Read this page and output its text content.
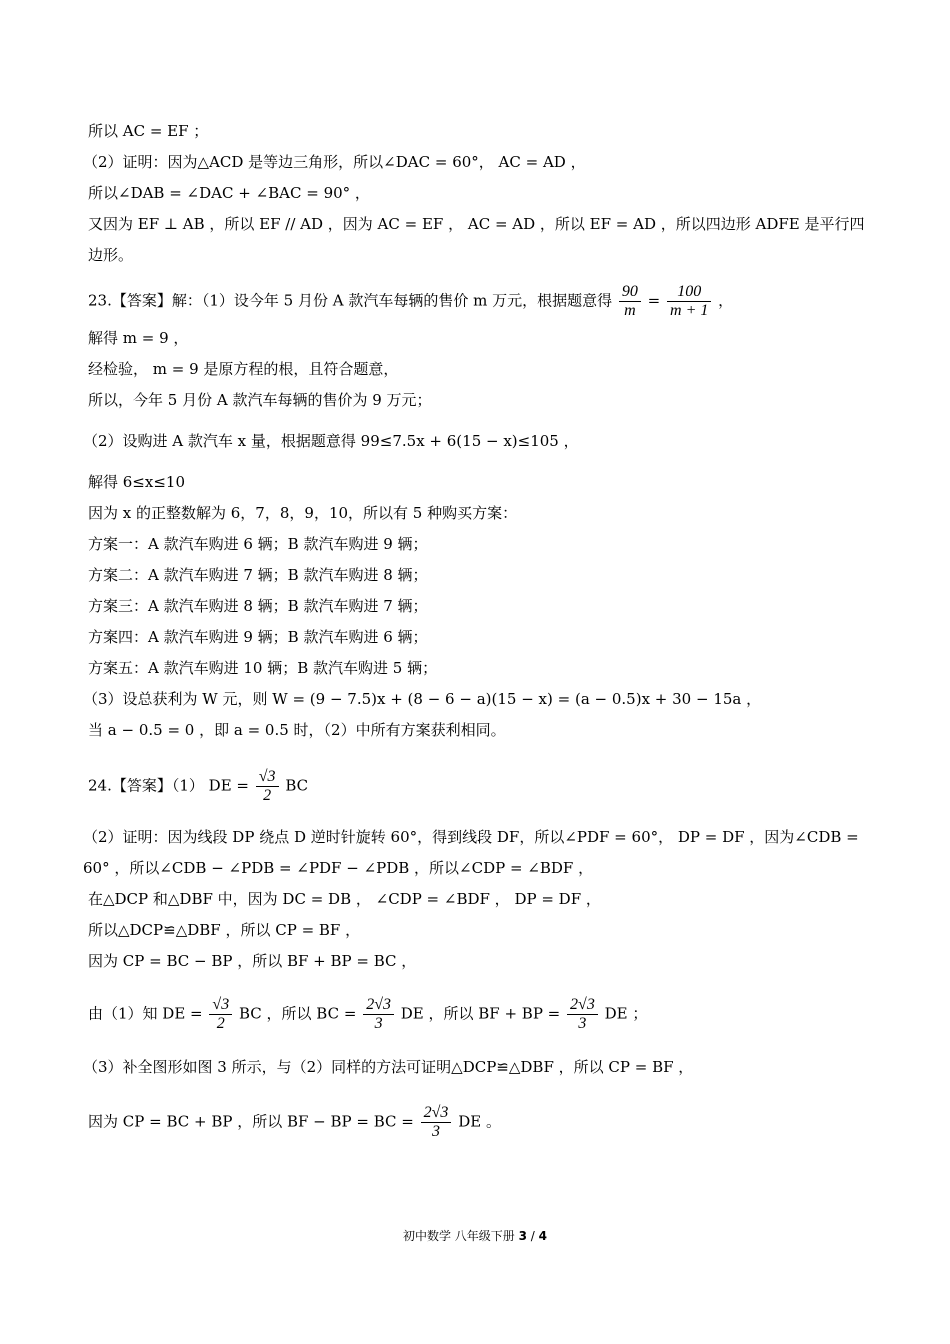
所以 AC = EF ；
（2）证明：因为△ACD 是等边三角形，所以∠DAC = 60°， AC = AD ，
所以∠DAB = ∠DAC + ∠BAC = 90° ，
又因为 EF ⊥ AB ，所以 EF // AD ，因为 AC = EF ， AC = AD ，所以 EF = AD ，所以四边形 ADFE 是平行四边形。
23.【答案】解：（1）设今年 5 月份 A 款汽车每辆的售价 m 万元，根据题意得 $\frac{90}{m} = \frac{100}{m + 1}$ ，
解得 m = 9 ，
经检验， m = 9 是原方程的根，且符合题意，
所以，今年 5 月份 A 款汽车每辆的售价为 9 万元；
（2）设购进 A 款汽车 x 量，根据题意得 99≤7.5x + 6(15 − x)≤105 ，
解得 6≤x≤10
因为 x 的正整数解为 6，7，8，9，10，所以有 5 种购买方案：
方案一：A 款汽车购进 6 辆；B 款汽车购进 9 辆；
方案二：A 款汽车购进 7 辆；B 款汽车购进 8 辆；
方案三：A 款汽车购进 8 辆；B 款汽车购进 7 辆；
方案四：A 款汽车购进 9 辆；B 款汽车购进 6 辆；
方案五：A 款汽车购进 10 辆；B 款汽车购进 5 辆；
（3）设总获利为 W 元，则 W = (9 − 7.5)x + (8 − 6 − a)(15 − x) = (a − 0.5)x + 30 − 15a ，
当 a − 0.5 = 0 ，即 a = 0.5 时，（2）中所有方案获利相同。
24.【答案】（1） DE = $\frac{√3}{2}$ BC
（2）证明：因为线段 DP 绕点 D 逆时针旋转 60°，得到线段 DF，所以∠PDF = 60°， DP = DF ，因为∠CDB = 60° ，所以∠CDB − ∠PDB = ∠PDF − ∠PDB ，所以∠CDP = ∠BDF ，
在△DCP 和△DBF 中，因为 DC = DB ， ∠CDP = ∠BDF ， DP = DF ，
所以△DCP≌△DBF ，所以 CP = BF ，
因为 CP = BC − BP ，所以 BF + BP = BC ，
由（1）知 DE = $\frac{√3}{2}$ BC ，所以 BC = $\frac{2√3}{3}$ DE ，所以 BF + BP = $\frac{2√3}{3}$ DE ；
（3）补全图形如图 3 所示，与（2）同样的方法可证明△DCP≌△DBF ，所以 CP = BF ，
因为 CP = BC + BP ，所以 BF − BP = BC = $\frac{2√3}{3}$ DE 。
初中数学 八年级下册 3 / 4
